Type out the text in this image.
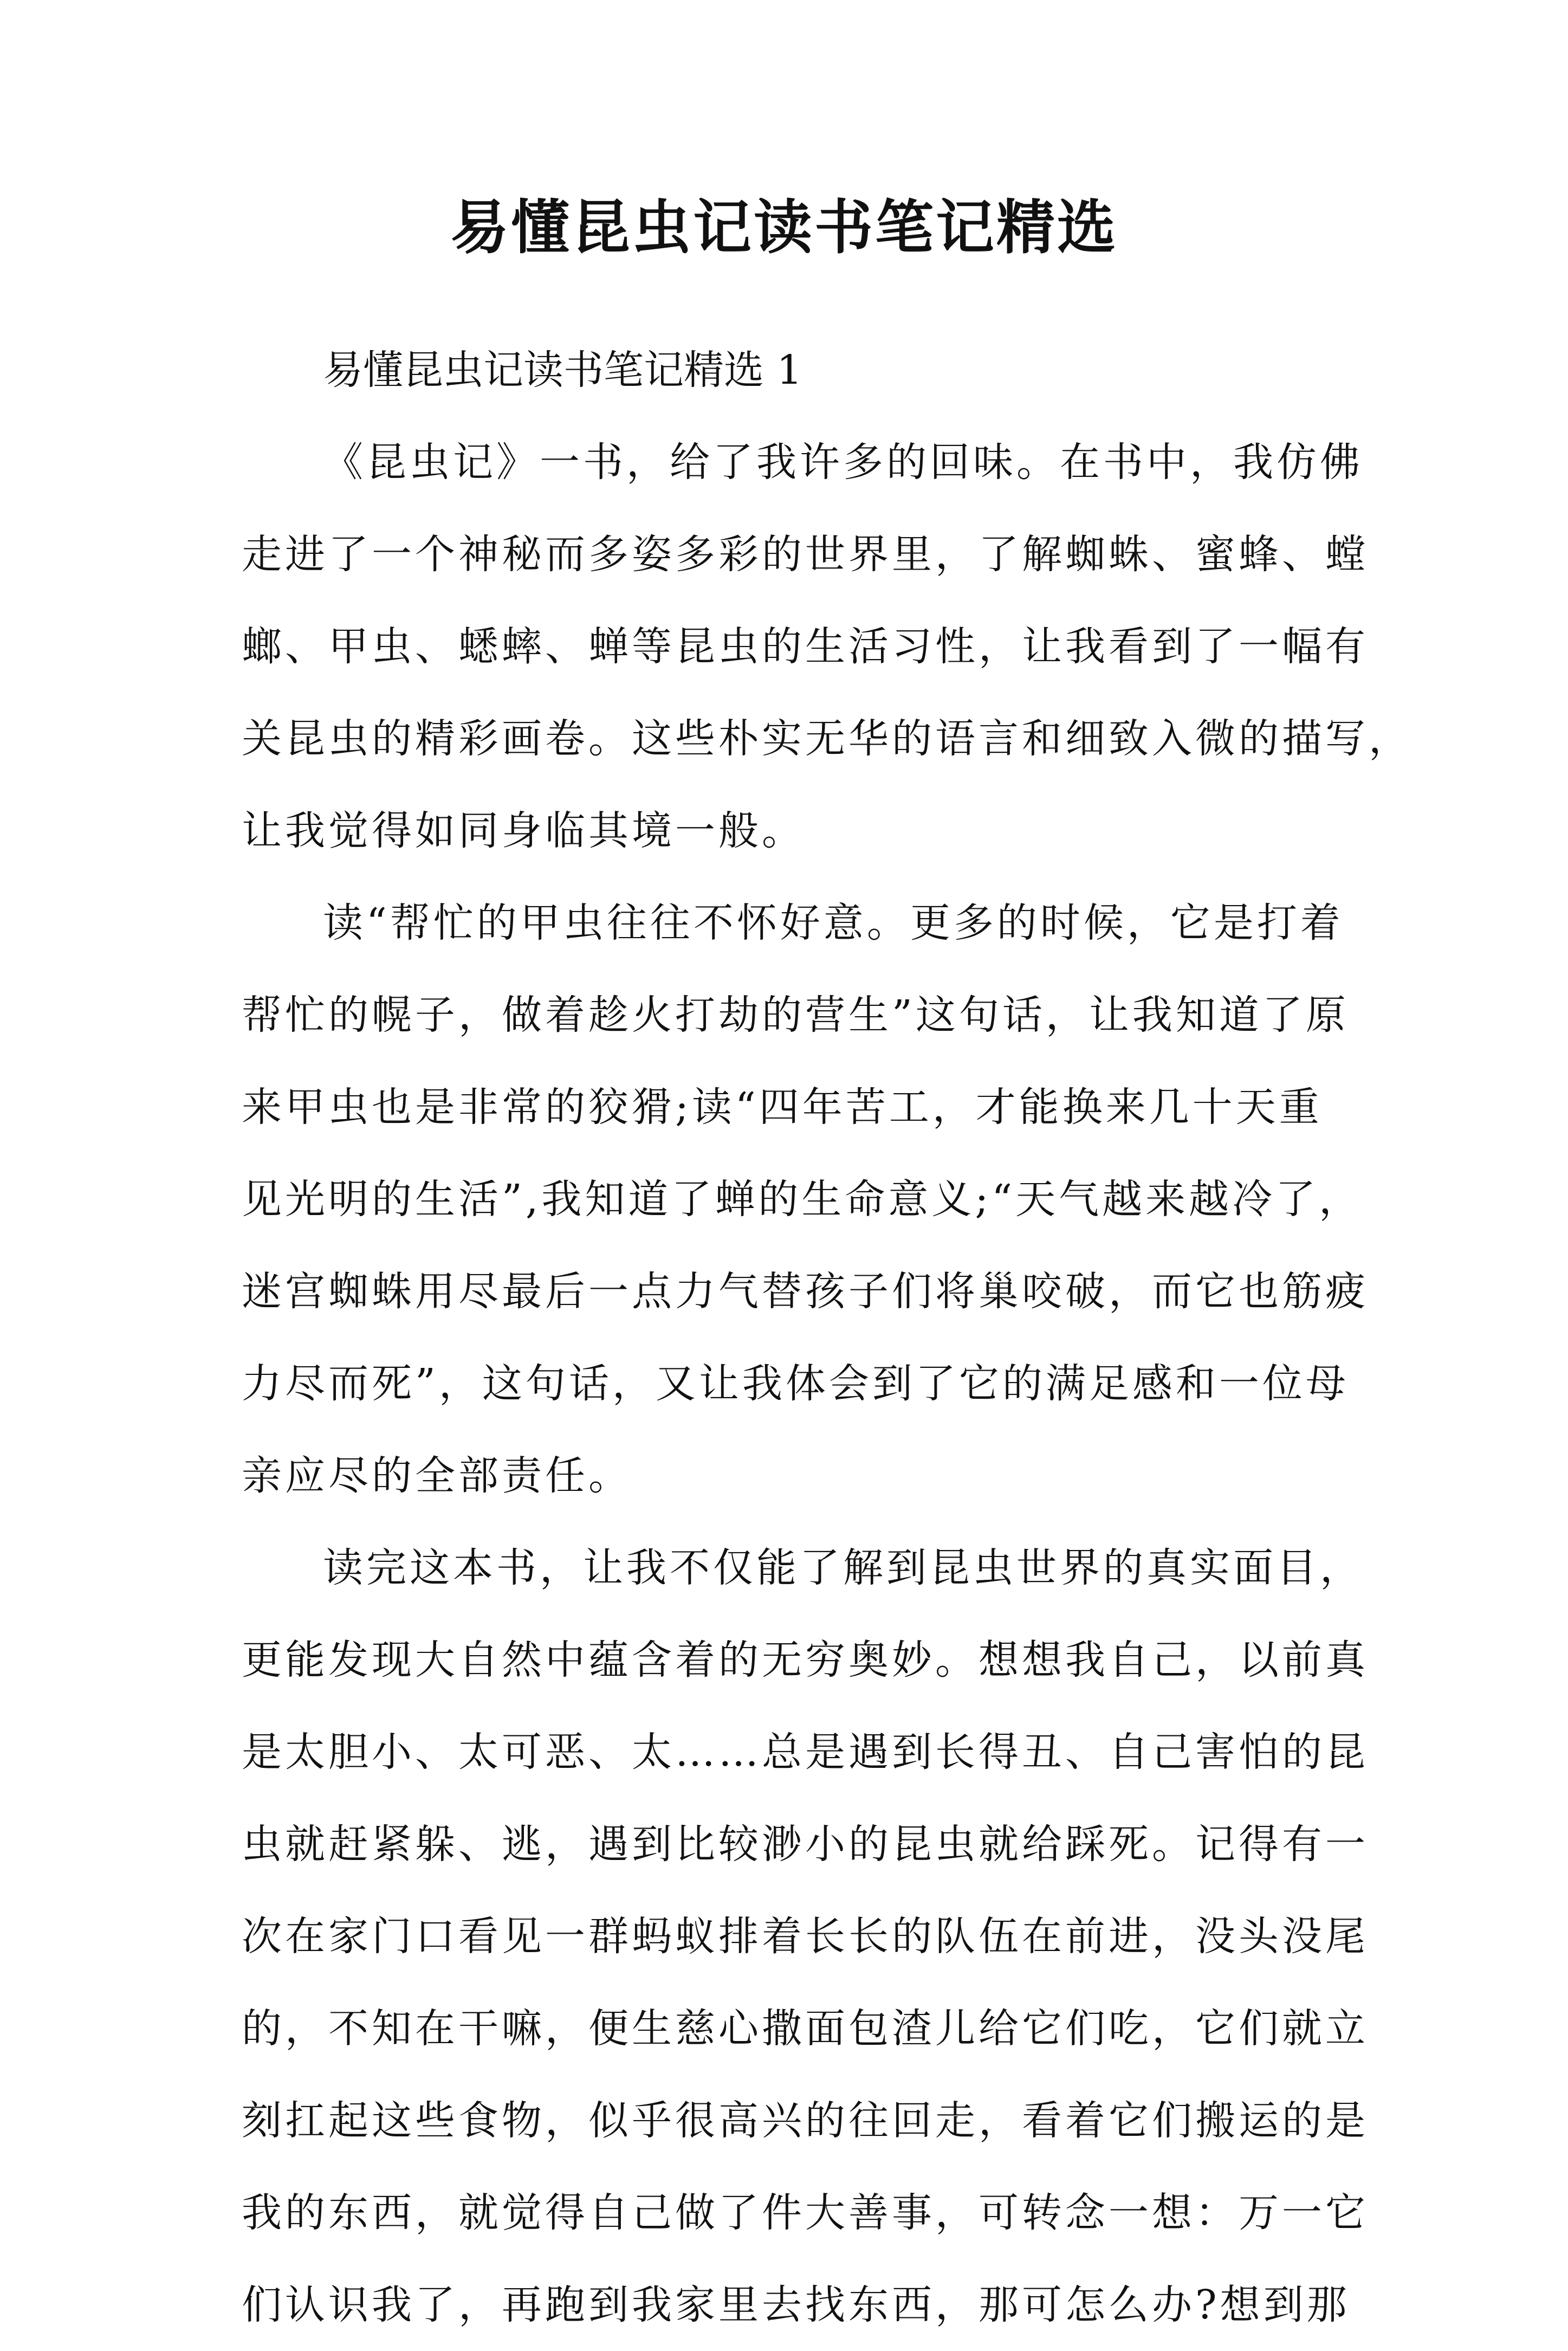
易懂昆虫记读书笔记精选
易懂昆虫记读书笔记精选 1
《昆虫记》一书，给了我许多的回味。在书中，我仿佛
走进了一个神秘而多姿多彩的世界里，了解蜘蛛、蜜蜂、螳
螂、甲虫、蟋蟀、蝉等昆虫的生活习性，让我看到了一幅有
关昆虫的精彩画卷。这些朴实无华的语言和细致入微的描写，
让我觉得如同身临其境一般。
读“帮忙的甲虫往往不怀好意。更多的时候，它是打着
帮忙的幌子，做着趁火打劫的营生”这句话，让我知道了原
来甲虫也是非常的狡猾;读“四年苦工，才能换来几十天重
见光明的生活”,我知道了蝉的生命意义;“天气越来越冷了，
迷宫蜘蛛用尽最后一点力气替孩子们将巢咬破，而它也筋疲
力尽而死”，这句话，又让我体会到了它的满足感和一位母
亲应尽的全部责任。
读完这本书，让我不仅能了解到昆虫世界的真实面目，
更能发现大自然中蕴含着的无穷奥妙。想想我自己，以前真
是太胆小、太可恶、太……总是遇到长得丑、自己害怕的昆
虫就赶紧躲、逃，遇到比较渺小的昆虫就给踩死。记得有一
次在家门口看见一群蚂蚁排着长长的队伍在前进，没头没尾
的，不知在干嘛，便生慈心撒面包渣儿给它们吃，它们就立
刻扛起这些食物，似乎很高兴的往回走，看着它们搬运的是
我的东西，就觉得自己做了件大善事，可转念一想：万一它
们认识我了，再跑到我家里去找东西，那可怎么办?想到那
